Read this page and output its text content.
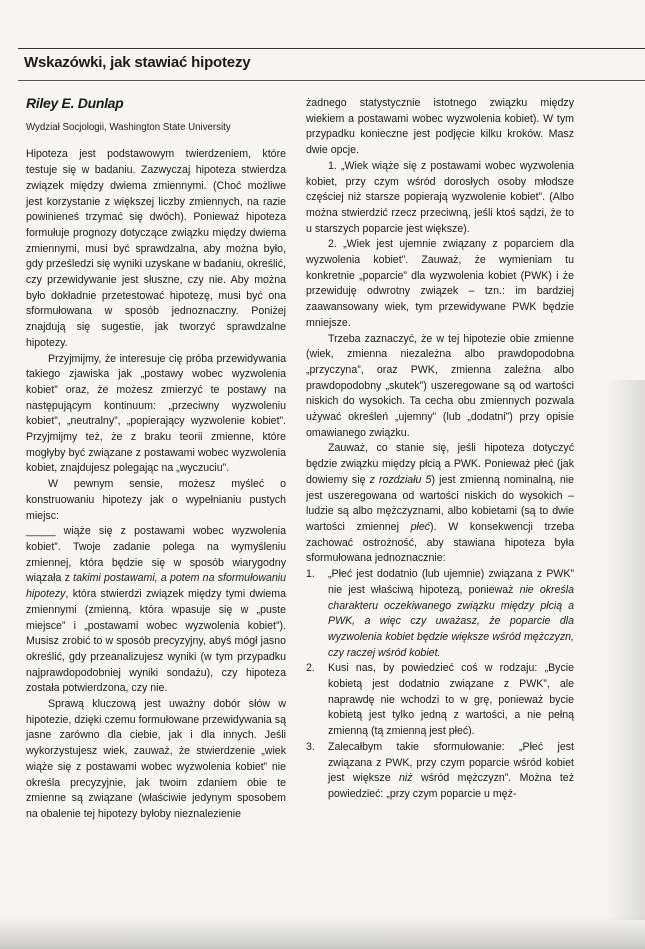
Wskazówki, jak stawiać hipotezy
Riley E. Dunlap
Wydział Socjologii, Washington State University

Hipoteza jest podstawowym twierdzeniem, które testuje się w badaniu. Zazwyczaj hipoteza stwierdza związek między dwiema zmiennymi. (Choć możliwe jest korzystanie z większej liczby zmiennych, na razie powinieneś trzymać się dwóch). Ponieważ hipoteza formułuje prognozy dotyczące związku między dwiema zmiennymi, musi być sprawdzalna, aby można było, gdy prześledzi się wyniki uzyskane w badaniu, określić, czy przewidywanie jest słuszne, czy nie. Aby można było dokładnie przetestować hipotezę, musi być ona sformułowana w sposób jednoznaczny. Poniżej znajdują się sugestie, jak tworzyć sprawdzalne hipotezy.

Przyjmijmy, że interesuje cię próba przewidywania takiego zjawiska jak „postawy wobec wyzwolenia kobiet” oraz, że możesz zmierzyć te postawy na następującym kontinuum: „przeciwny wyzwoleniu kobiet”, „neutralny”, „popierający wyzwolenie kobiet”. Przyjmijmy też, że z braku teorii zmienne, które mogłyby być związane z postawami wobec wyzwolenia kobiet, znajdujesz polegając na „wyczuciu”.

W pewnym sensie, możesz myśleć o konstruowaniu hipotezy jak o wypełnianiu pustych miejsc:

_____ wiąże się z postawami wobec wyzwolenia kobiet”. Twoje zadanie polega na wymyśleniu zmiennej, która będzie się w sposób wiarygodny wiązała z takimi postawami, a potem na sformułowaniu hipotezy, która stwierdzi związek między tymi dwiema zmiennymi (zmienną, która wpasuje się w „puste miejsce” i „postawami wobec wyzwolenia kobiet”). Musisz zrobić to w sposób precyzyjny, abyś mógł jasno określić, gdy przeanalizujesz wyniki (w tym przypadku najprawdopodobniej wyniki sondażu), czy hipoteza została potwierdzona, czy nie.

Sprawą kluczową jest uważny dobór słów w hipotezie, dzięki czemu formułowane przewidywania są jasne zarówno dla ciebie, jak i dla innych. Jeśli wykorzystujesz wiek, zauważ, że stwierdzenie „wiek wiąże się z postawami wobec wyzwolenia kobiet” nie określa precyzyjnie, jak twoim zdaniem obie te zmienne są związane (właściwie jedynym sposobem na obalenie tej hipotezy byłoby nieznalezienie

żadnego statystycznie istotnego związku między wiekiem a postawami wobec wyzwolenia kobiet). W tym przypadku konieczne jest podjęcie kilku kroków. Masz dwie opcje.

1. „Wiek wiąże się z postawami wobec wyzwolenia kobiet, przy czym wśród dorosłych osoby młodsze częściej niż starsze popierają wyzwolenie kobiet”. (Albo można stwierdzić rzecz przeciwną, jeśli ktoś sądzi, że to u starszych poparcie jest większe).

2. „Wiek jest ujemnie związany z poparciem dla wyzwolenia kobiet”. Zauważ, że wymieniam tu konkretnie „poparcie” dla wyzwolenia kobiet (PWK) i że przewiduję odwrotny związek – tzn.: im bardziej zaawansowany wiek, tym przewidywane PWK będzie mniejsze.

Trzeba zaznaczyć, że w tej hipotezie obie zmienne (wiek, zmienna niezależna albo prawdopodobna „przyczyna”, oraz PWK, zmienna zależna albo prawdopodobny „skutek”) uszeregowane są od wartości niskich do wysokich. Ta cecha obu zmiennych pozwala używać określeń „ujemny” (lub „dodatni”) przy opisie omawianego związku.

Zauważ, co stanie się, jeśli hipoteza dotyczyć będzie związku między płcią a PWK. Ponieważ płeć (jak dowiemy się z rozdziału 5) jest zmienną nominalną, nie jest uszeregowana od wartości niskich do wysokich – ludzie są albo mężczyznami, albo kobietami (są to dwie wartości zmiennej płeć). W konsekwencji trzeba zachować ostrożność, aby stawiana hipoteza była sformułowana jednoznacznie:

1. „Płeć jest dodatnio (lub ujemnie) związana z PWK” nie jest właściwą hipotezą, ponieważ nie określa charakteru oczekiwanego związku między płcią a PWK, a więc czy uważasz, że poparcie dla wyzwolenia kobiet będzie większe wśród mężczyzn, czy raczej wśród kobiet.
2. Kusi nas, by powiedzieć coś w rodzaju: „Bycie kobietą jest dodatnio związane z PWK”, ale naprawdę nie wchodzi to w grę, ponieważ bycie kobietą jest tylko jedną z wartości, a nie pełną zmienną (tą zmienną jest płeć).
3. Zalecałbym takie sformułowanie: „Płeć jest związana z PWK, przy czym poparcie wśród kobiet jest większe niż wśród mężczyzn”. Można też powiedzieć: „przy czym poparcie u męż-
